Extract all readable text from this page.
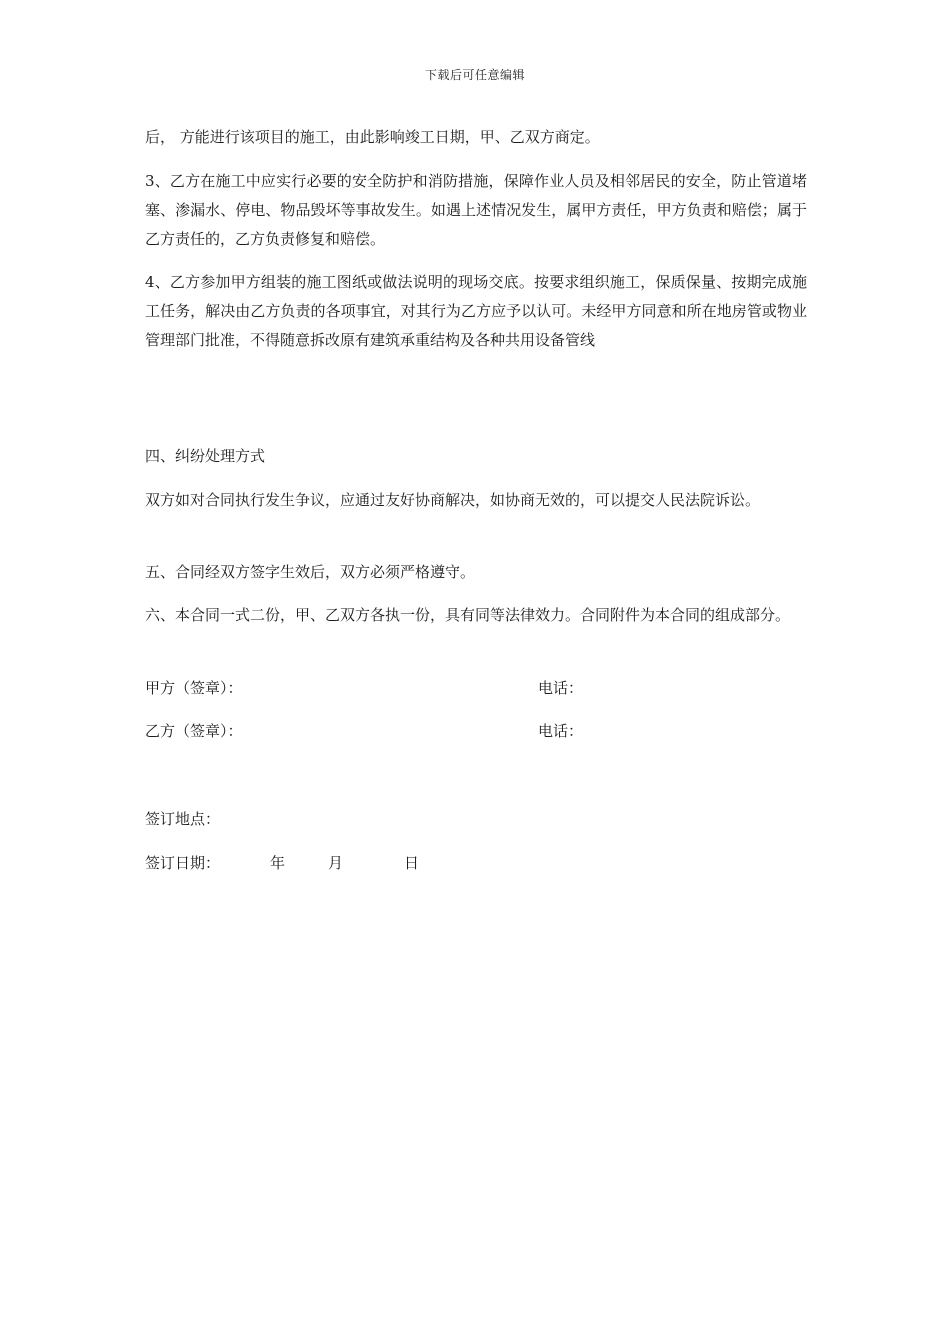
下载后可任意编辑
后， 方能进行该项目的施工，由此影响竣工日期，甲、乙双方商定。
3、乙方在施工中应实行必要的安全防护和消防措施，保障作业人员及相邻居民的安全，防止管道堵塞、渗漏水、停电、物品毁坏等事故发生。如遇上述情况发生，属甲方责任，甲方负责和赔偿；属于乙方责任的，乙方负责修复和赔偿。
4、乙方参加甲方组装的施工图纸或做法说明的现场交底。按要求组织施工，保质保量、按期完成施工任务，解决由乙方负责的各项事宜，对其行为乙方应予以认可。未经甲方同意和所在地房管或物业管理部门批准，不得随意拆改原有建筑承重结构及各种共用设备管线
四、纠纷处理方式
双方如对合同执行发生争议，应通过友好协商解决，如协商无效的，可以提交人民法院诉讼。
五、合同经双方签字生效后，双方必须严格遵守。
六、本合同一式二份，甲、乙双方各执一份，具有同等法律效力。合同附件为本合同的组成部分。
甲方（签章）：	电话：
乙方（签章）：	电话：
签订地点：
签订日期：	年	月	日
